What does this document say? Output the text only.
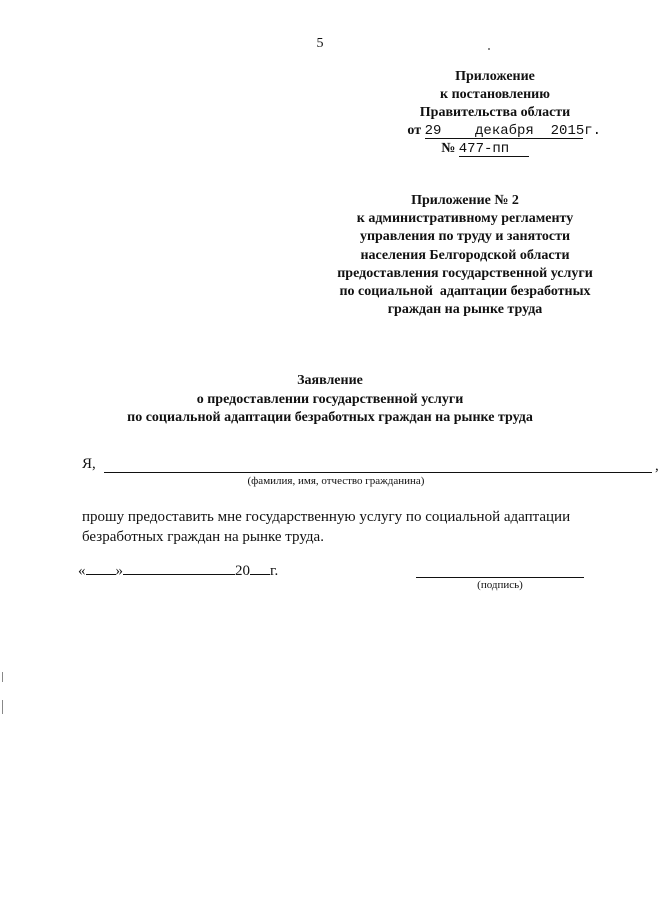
5
Приложение
к постановлению
Правительства области
от 29 декабря 2015г.
№ 477-пп
Приложение № 2
к административному регламенту
управления по труду и занятости
населения Белгородской области
предоставления государственной услуги
по социальной  адаптации безработных
граждан на рынке труда
Заявление
о предоставлении государственной услуги
по социальной адаптации безработных граждан на рынке труда
Я,	,
(фамилия, имя, отчество гражданина)
прошу предоставить мне государственную услугу по социальной адаптации безработных граждан на рынке труда.
« »	20 г.
(подпись)
